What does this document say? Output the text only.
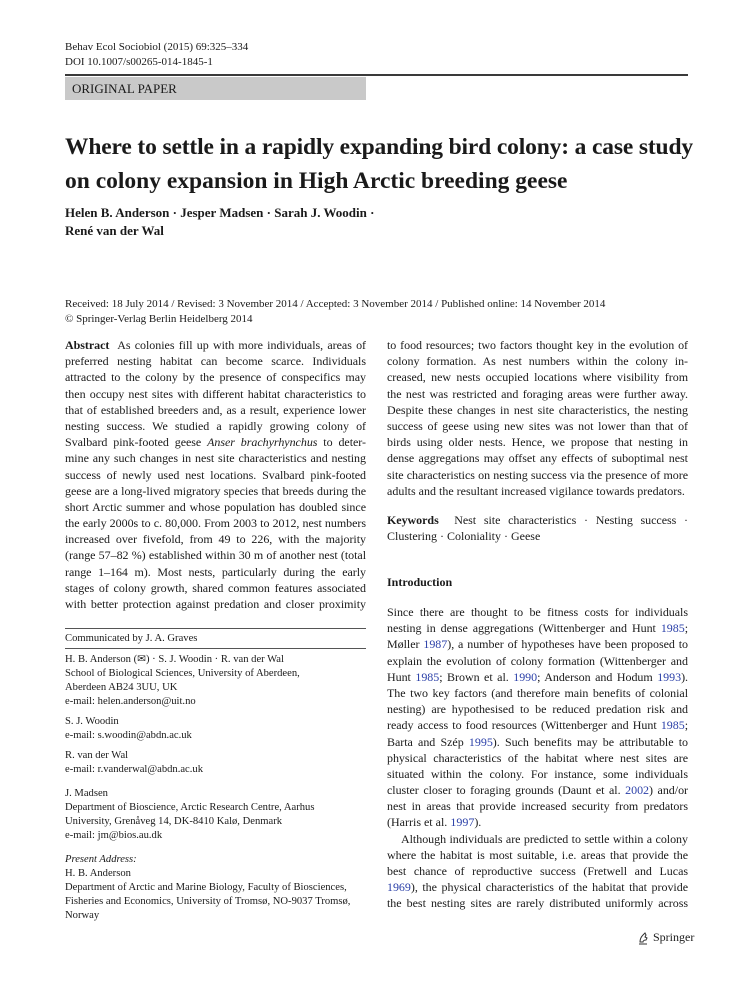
Behav Ecol Sociobiol (2015) 69:325–334
DOI 10.1007/s00265-014-1845-1
ORIGINAL PAPER
Where to settle in a rapidly expanding bird colony: a case study
on colony expansion in High Arctic breeding geese
Helen B. Anderson · Jesper Madsen · Sarah J. Woodin ·
René van der Wal
Received: 18 July 2014 / Revised: 3 November 2014 / Accepted: 3 November 2014 / Published online: 14 November 2014
© Springer-Verlag Berlin Heidelberg 2014
Abstract  As colonies fill up with more individuals, areas of
preferred nesting habitat can become scarce. Individuals
attracted to the colony by the presence of conspecifics may
then occupy nest sites with different habitat characteristics to
that of established breeders and, as a result, experience lower
nesting success. We studied a rapidly growing colony of
Svalbard pink-footed geese Anser brachyrhynchus to deter-
mine any such changes in nest site characteristics and nesting
success of newly used nest locations. Svalbard pink-footed
geese are a long-lived migratory species that breeds during the
short Arctic summer and whose population has doubled since
the early 2000s to c. 80,000. From 2003 to 2012, nest numbers
increased over fivefold, from 49 to 226, with the majority
(range 57–82 %) established within 30 m of another nest (total
range 1–164 m). Most nests, particularly during the early
stages of colony growth, shared common features associated
with better protection against predation and closer proximity
to food resources; two factors thought key in the evolution of
colony formation. As nest numbers within the colony in-
creased, new nests occupied locations where visibility from
the nest was restricted and foraging areas were further away.
Despite these changes in nest site characteristics, the nesting
success of geese using new sites was not lower than that of
birds using older nests. Hence, we propose that nesting in
dense aggregations may offset any effects of suboptimal nest
site characteristics on nesting success via the presence of more
adults and the resultant increased vigilance towards predators.
Keywords  Nest site characteristics · Nesting success ·
Clustering · Coloniality · Geese
Introduction
Since there are thought to be fitness costs for individuals
nesting in dense aggregations (Wittenberger and Hunt 1985;
Møller 1987), a number of hypotheses have been proposed to
explain the evolution of colony formation (Wittenberger and
Hunt 1985; Brown et al. 1990; Anderson and Hodum 1993).
The two key factors (and therefore main benefits of colonial
nesting) are hypothesised to be reduced predation risk and
ready access to food resources (Wittenberger and Hunt 1985;
Barta and Szép 1995). Such benefits may be attributable to
physical characteristics of the habitat where nest sites are
situated within the colony. For instance, some individuals
cluster closer to foraging grounds (Daunt et al. 2002) and/or
nest in areas that provide increased security from predators
(Harris et al. 1997).
Although individuals are predicted to settle within a colony
where the habitat is most suitable, i.e. areas that provide the
best chance of reproductive success (Fretwell and Lucas
1969), the physical characteristics of the habitat that provide
the best nesting sites are rarely distributed uniformly across
Communicated by J. A. Graves
H. B. Anderson (✉) · S. J. Woodin · R. van der Wal
School of Biological Sciences, University of Aberdeen,
Aberdeen AB24 3UU, UK
e-mail: helen.anderson@uit.no
S. J. Woodin
e-mail: s.woodin@abdn.ac.uk
R. van der Wal
e-mail: r.vanderwal@abdn.ac.uk
J. Madsen
Department of Bioscience, Arctic Research Centre, Aarhus
University, Grenåveg 14, DK-8410 Kalø, Denmark
e-mail: jm@bios.au.dk
Present Address:
H. B. Anderson
Department of Arctic and Marine Biology, Faculty of Biosciences,
Fisheries and Economics, University of Tromsø, NO-9037 Tromsø,
Norway
Springer
